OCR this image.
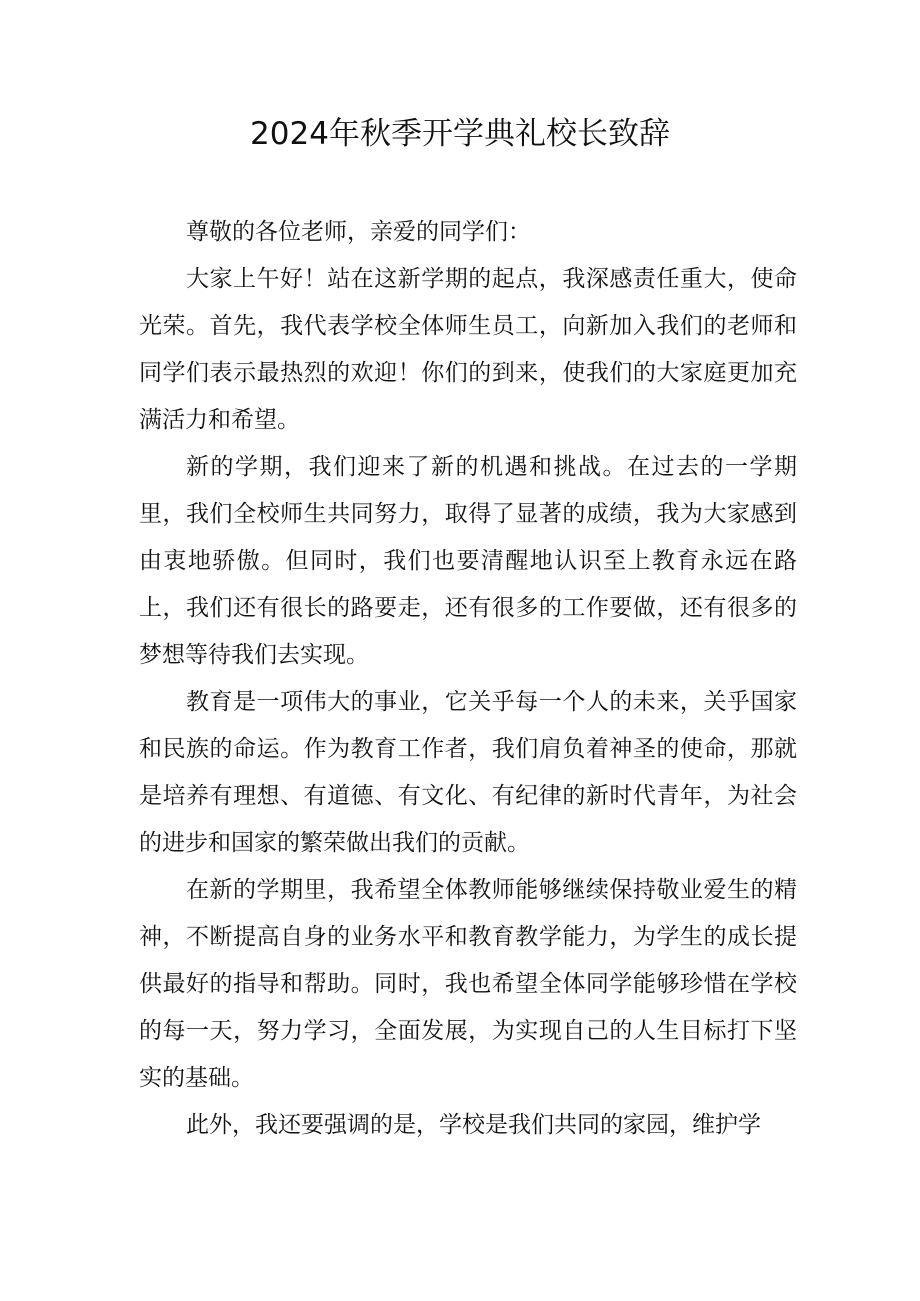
2024年秋季开学典礼校长致辞

尊敬的各位老师，亲爱的同学们：

大家上午好！站在这新学期的起点，我深感责任重大，使命光荣。首先，我代表学校全体师生员工，向新加入我们的老师和同学们表示最热烈的欢迎！你们的到来，使我们的大家庭更加充满活力和希望。

新的学期，我们迎来了新的机遇和挑战。在过去的一学期里，我们全校师生共同努力，取得了显著的成绩，我为大家感到由衷地骄傲。但同时，我们也要清醒地认识至上教育永远在路上，我们还有很长的路要走，还有很多的工作要做，还有很多的梦想等待我们去实现。

教育是一项伟大的事业，它关乎每一个人的未来，关乎国家和民族的命运。作为教育工作者，我们肩负着神圣的使命，那就是培养有理想、有道德、有文化、有纪律的新时代青年，为社会的进步和国家的繁荣做出我们的贡献。

在新的学期里，我希望全体教师能够继续保持敬业爱生的精神，不断提高自身的业务水平和教育教学能力，为学生的成长提供最好的指导和帮助。同时，我也希望全体同学能够珍惜在学校的每一天，努力学习，全面发展，为实现自己的人生目标打下坚实的基础。

此外，我还要强调的是，学校是我们共同的家园，维护学
